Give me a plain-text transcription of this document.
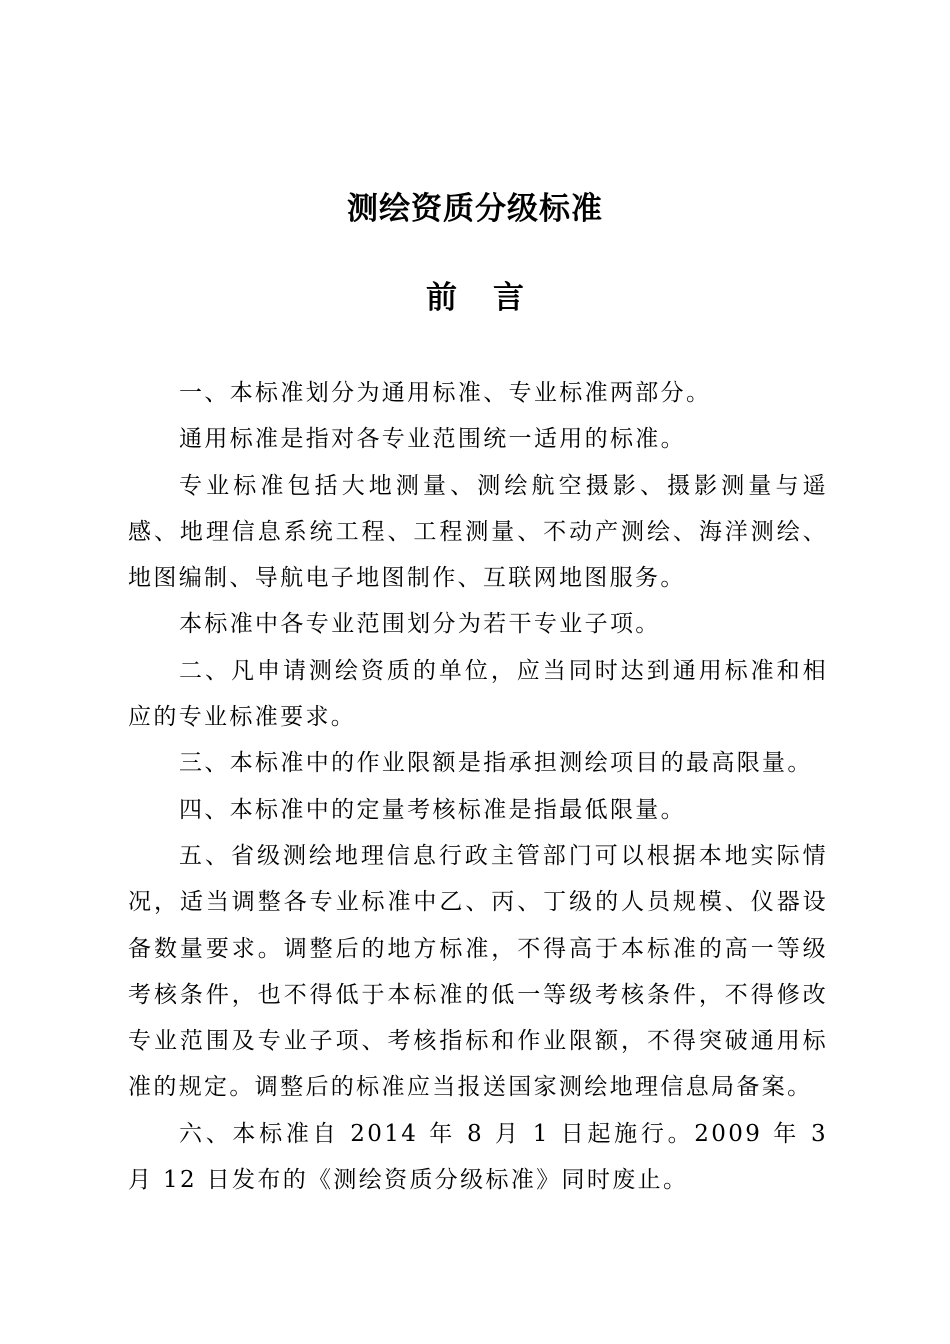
测绘资质分级标准
前 言

一、本标准划分为通用标准、专业标准两部分。

通用标准是指对各专业范围统一适用的标准。

专业标准包括大地测量、测绘航空摄影、摄影测量与遥感、地理信息系统工程、工程测量、不动产测绘、海洋测绘、地图编制、导航电子地图制作、互联网地图服务。

本标准中各专业范围划分为若干专业子项。

二、凡申请测绘资质的单位，应当同时达到通用标准和相应的专业标准要求。

三、本标准中的作业限额是指承担测绘项目的最高限量。

四、本标准中的定量考核标准是指最低限量。

五、省级测绘地理信息行政主管部门可以根据本地实际情况，适当调整各专业标准中乙、丙、丁级的人员规模、仪器设备数量要求。调整后的地方标准，不得高于本标准的高一等级考核条件，也不得低于本标准的低一等级考核条件，不得修改专业范围及专业子项、考核指标和作业限额，不得突破通用标准的规定。调整后的标准应当报送国家测绘地理信息局备案。

六、本标准自 2014 年 8 月 1 日起施行。2009 年 3 月 12 日发布的《测绘资质分级标准》同时废止。
